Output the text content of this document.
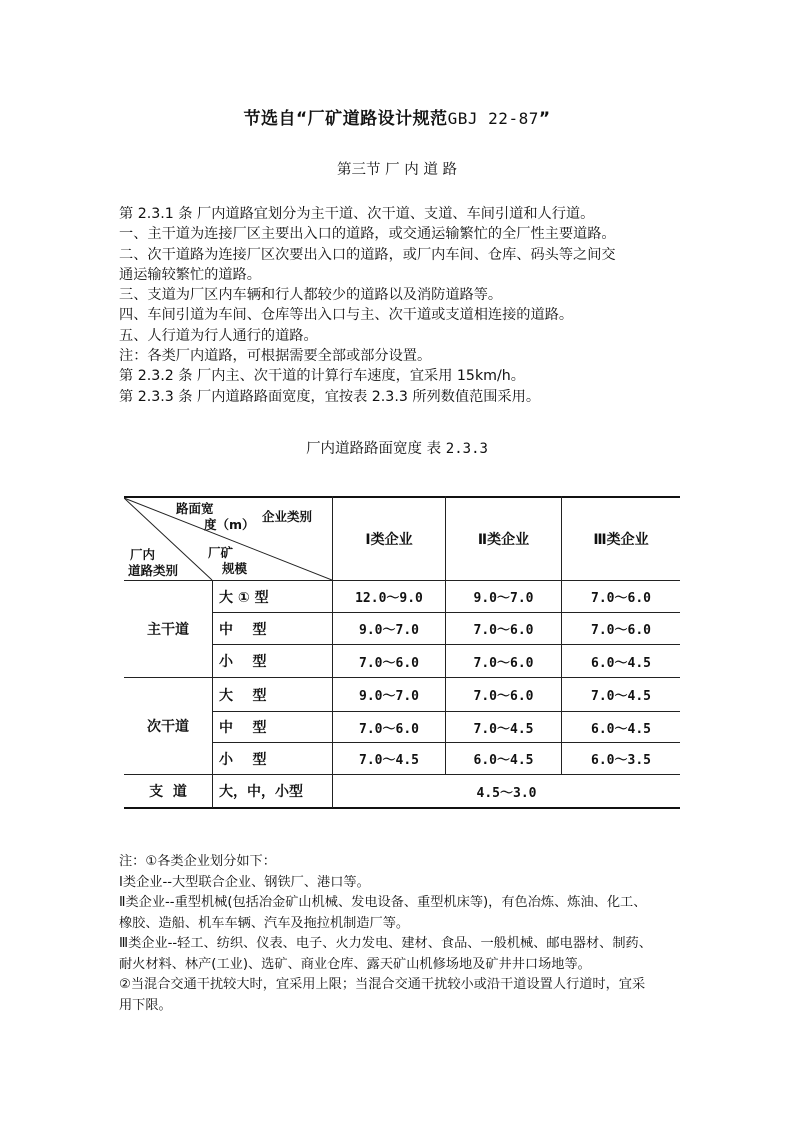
节选自“厂矿道路设计规范GBJ 22-87”
第三节 厂 内 道 路
第 2.3.1 条 厂内道路宜划分为主干道、次干道、支道、车间引道和人行道。
一、主干道为连接厂区主要出入口的道路，或交通运输繁忙的全厂性主要道路。
二、次干道路为连接厂区次要出入口的道路，或厂内车间、仓库、码头等之间交
通运输较繁忙的道路。
三、支道为厂区内车辆和行人都较少的道路以及消防道路等。
四、车间引道为车间、仓库等出入口与主、次干道或支道相连接的道路。
五、人行道为行人通行的道路。
注：各类厂内道路，可根据需要全部或部分设置。
第 2.3.2 条 厂内主、次干道的计算行车速度，宜采用 15km/h。
第 2.3.3 条 厂内道路路面宽度，宜按表 2.3.3 所列数值范围采用。
厂内道路路面宽度 表 2.3.3
路面宽
度（m）
企业类别
厂矿
规模
厂内
道路类别
Ⅰ类企业	Ⅱ类企业	Ⅲ类企业
主干道
大 ① 型	12.0～9.0	9.0～7.0	7.0～6.0
中    型	9.0～7.0	7.0～6.0	7.0～6.0
小    型	7.0～6.0	7.0～6.0	6.0～4.5
次干道
大    型	9.0～7.0	7.0～6.0	7.0～4.5
中    型	7.0～6.0	7.0～4.5	6.0～4.5
小    型	7.0～4.5	6.0～4.5	6.0～3.5
支  道	大，中，小型	4.5～3.0
注：①各类企业划分如下：
Ⅰ类企业--大型联合企业、钢铁厂、港口等。
Ⅱ类企业--重型机械(包括冶金矿山机械、发电设备、重型机床等)，有色冶炼、炼油、化工、
橡胶、造船、机车车辆、汽车及拖拉机制造厂等。
Ⅲ类企业--轻工、纺织、仪表、电子、火力发电、建材、食品、一般机械、邮电器材、制药、
耐火材料、林产(工业)、选矿、商业仓库、露天矿山机修场地及矿井井口场地等。
②当混合交通干扰较大时，宜采用上限；当混合交通干扰较小或沿干道设置人行道时，宜采
用下限。
